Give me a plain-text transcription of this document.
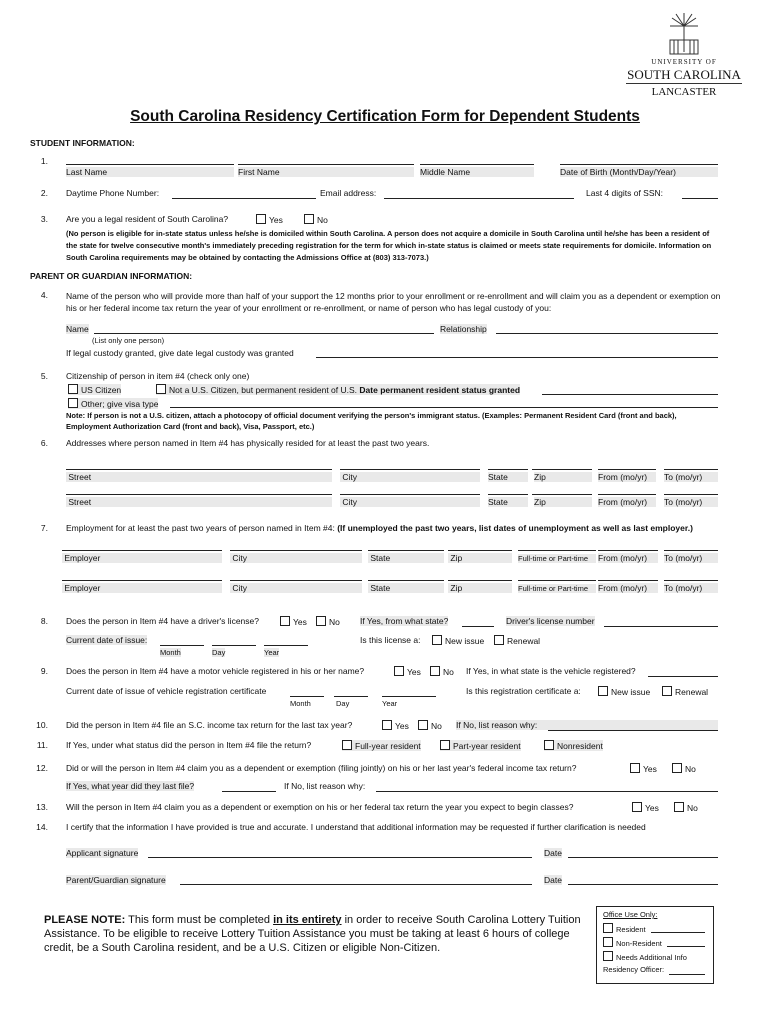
UNIVERSITY OF
SOUTH CAROLINA
LANCASTER
South Carolina Residency Certification Form for Dependent Students
STUDENT INFORMATION:
1.
Last Name	First Name	Middle Name	Date of Birth (Month/Day/Year)
2. Daytime Phone Number:	Email address:	Last 4 digits of SSN:
3. Are you a legal resident of South Carolina?	Yes	No
(No person is eligible for in-state status unless he/she is domiciled within South Carolina. A person does not acquire a domicile in South Carolina until he/she has been a resident of the state for twelve consecutive month's immediately preceding registration for the term for which in-state status is claimed or meets state requirements for domicile. Information on South Carolina requirements may be obtained by contacting the Admissions Office at (803) 313-7073.)
PARENT OR GUARDIAN INFORMATION:
4. Name of the person who will provide more than half of your support the 12 months prior to your enrollment or re-enrollment and will claim you as a dependent or exemption on his or her federal income tax return the year of your enrollment or re-enrollment, or name of person who has legal custody of you:
Name	Relationship
(List only one person)
If legal custody granted, give date legal custody was granted
5. Citizenship of person in item #4 (check only one)
US Citizen	Not a U.S. Citizen, but permanent resident of U.S. Date permanent resident status granted
Other; give visa type
Note: If person is not a U.S. citizen, attach a photocopy of official document verifying the person's immigrant status. (Examples: Permanent Resident Card (front and back), Employment Authorization Card (front and back), Visa, Passport, etc.)
6. Addresses where person named in Item #4 has physically resided for at least the past two years.
Street	City	State	Zip	From (mo/yr)	To (mo/yr)
Street	City	State	Zip	From (mo/yr)	To (mo/yr)
7. Employment for at least the past two years of person named in Item #4: (If unemployed the past two years, list dates of unemployment as well as last employer.)
Employer	City	State	Zip	Full-time or Part-time	From (mo/yr)	To (mo/yr)
Employer	City	State	Zip	Full-time or Part-time	From (mo/yr)	To (mo/yr)
8. Does the person in Item #4 have a driver's license?	Yes	No If Yes, from what state?	Driver's license number
Current date of issue:
Month	Day	Year
Is this license a:	New issue	Renewal
9. Does the person in Item #4 have a motor vehicle registered in his or her name?	Yes	No If Yes, in what state is the vehicle registered?
Current date of issue of vehicle registration certificate
Month	Day	Year
Is this registration certificate a:	New issue	Renewal
10. Did the person in Item #4 file an S.C. income tax return for the last tax year?	Yes	No If No, list reason why:
11. If Yes, under what status did the person in Item #4 file the return?	Full-year resident	Part-year resident	Nonresident
12. Did or will the person in Item #4 claim you as a dependent or exemption (filing jointly) on his or her last year's federal income tax return?	Yes	No
If Yes, what year did they last file?	If No, list reason why:
13. Will the person in Item #4 claim you as a dependent or exemption on his or her federal tax return the year you expect to begin classes?	Yes	No
14. I certify that the information I have provided is true and accurate. I understand that additional information may be requested if further clarification is needed
Applicant signature	Date
Parent/Guardian signature	Date
PLEASE NOTE: This form must be completed in its entirety in order to receive South Carolina Lottery Tuition Assistance. To be eligible to receive Lottery Tuition Assistance you must be taking at least 6 hours of college credit, be a South Carolina resident, and be a U.S. Citizen or eligible Non-Citizen.
Office Use Only:
Resident
Non-Resident
Needs Additional Info
Residency Officer:
